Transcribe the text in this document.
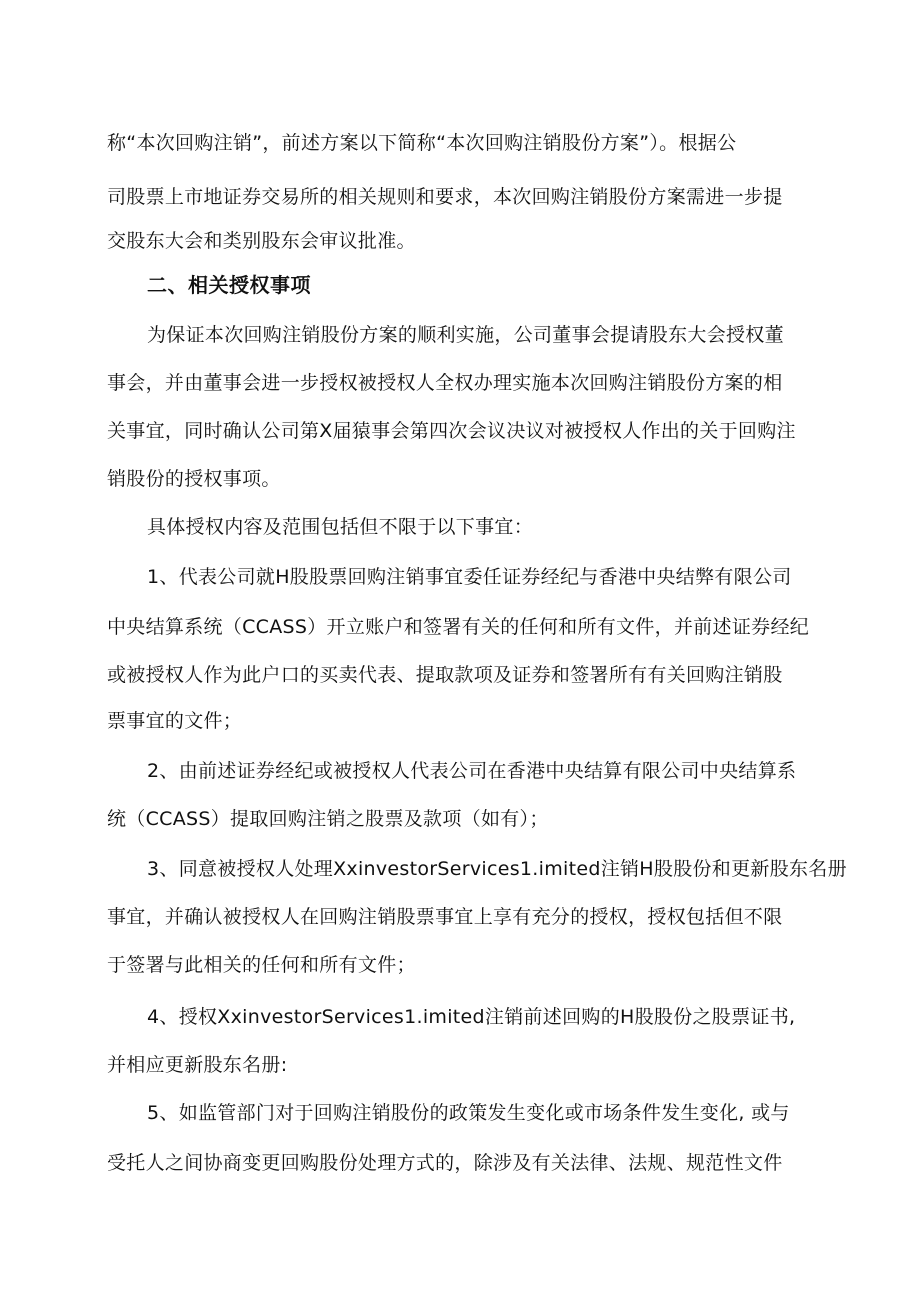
称“本次回购注销”，前述方案以下简称“本次回购注销股份方案”）。根据公
司股票上市地证券交易所的相关规则和要求，本次回购注销股份方案需进一步提
交股东大会和类别股东会审议批准。
二、相关授权事项
为保证本次回购注销股份方案的顺利实施，公司董事会提请股东大会授权董
事会，并由董事会进一步授权被授权人全权办理实施本次回购注销股份方案的相
关事宜，同时确认公司第X届猿事会第四次会议决议对被授权人作出的关于回购注
销股份的授权事项。
具体授权内容及范围包括但不限于以下事宜：
1、代表公司就H股股票回购注销事宜委任证券经纪与香港中央结弊有限公司
中央结算系统（CCASS）开立账户和签署有关的任何和所有文件，并前述证券经纪
或被授权人作为此户口的买卖代表、提取款项及证券和签署所有有关回购注销股
票事宜的文件；
2、由前述证券经纪或被授权人代表公司在香港中央结算有限公司中央结算系
统（CCASS）提取回购注销之股票及款项（如有）；
3、同意被授权人处理XxinvestorServices1.imited注销H股股份和更新股东名册
事宜，并确认被授权人在回购注销股票事宜上享有充分的授权，授权包括但不限
于签署与此相关的任何和所有文件；
4、授权XxinvestorServices1.imited注销前述回购的H股股份之股票证书,
并相应更新股东名册:
5、如监管部门对于回购注销股份的政策发生变化或市场条件发生变化, 或与
受托人之间协商变更回购股份处理方式的，除涉及有关法律、法规、规范性文件
